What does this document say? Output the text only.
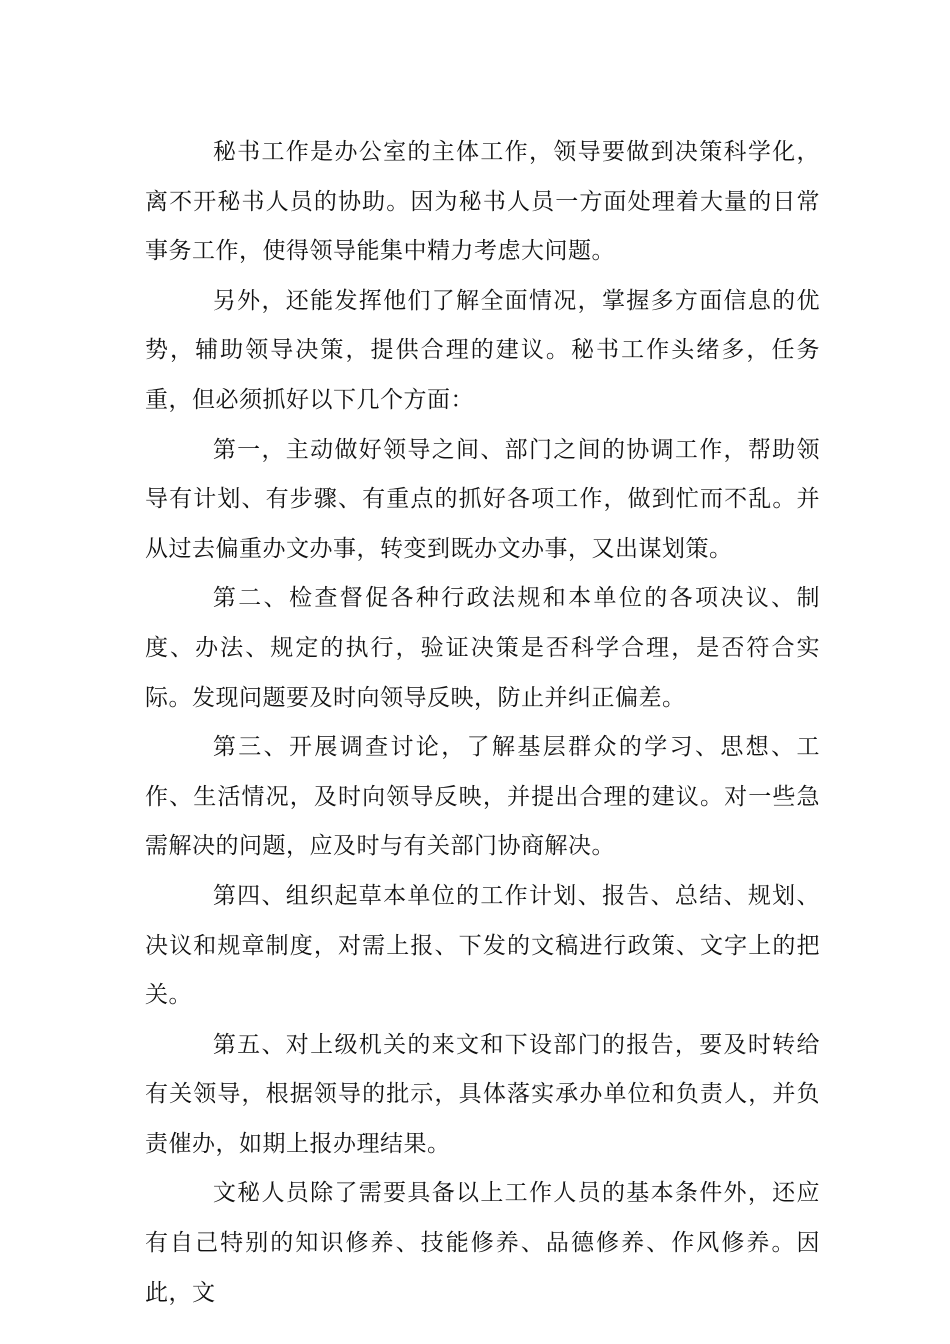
秘书工作是办公室的主体工作，领导要做到决策科学化，离不开秘书人员的协助。因为秘书人员一方面处理着大量的日常事务工作，使得领导能集中精力考虑大问题。

另外，还能发挥他们了解全面情况，掌握多方面信息的优势，辅助领导决策，提供合理的建议。秘书工作头绪多，任务重，但必须抓好以下几个方面：

第一，主动做好领导之间、部门之间的协调工作，帮助领导有计划、有步骤、有重点的抓好各项工作，做到忙而不乱。并从过去偏重办文办事，转变到既办文办事，又出谋划策。

第二、检查督促各种行政法规和本单位的各项决议、制度、办法、规定的执行，验证决策是否科学合理，是否符合实际。发现问题要及时向领导反映，防止并纠正偏差。

第三、开展调查讨论，了解基层群众的学习、思想、工作、生活情况，及时向领导反映，并提出合理的建议。对一些急需解决的问题，应及时与有关部门协商解决。

第四、组织起草本单位的工作计划、报告、总结、规划、决议和规章制度，对需上报、下发的文稿进行政策、文字上的把关。

第五、对上级机关的来文和下设部门的报告，要及时转给有关领导，根据领导的批示，具体落实承办单位和负责人，并负责催办，如期上报办理结果。

文秘人员除了需要具备以上工作人员的基本条件外，还应有自己特别的知识修养、技能修养、品德修养、作风修养。因此，文
